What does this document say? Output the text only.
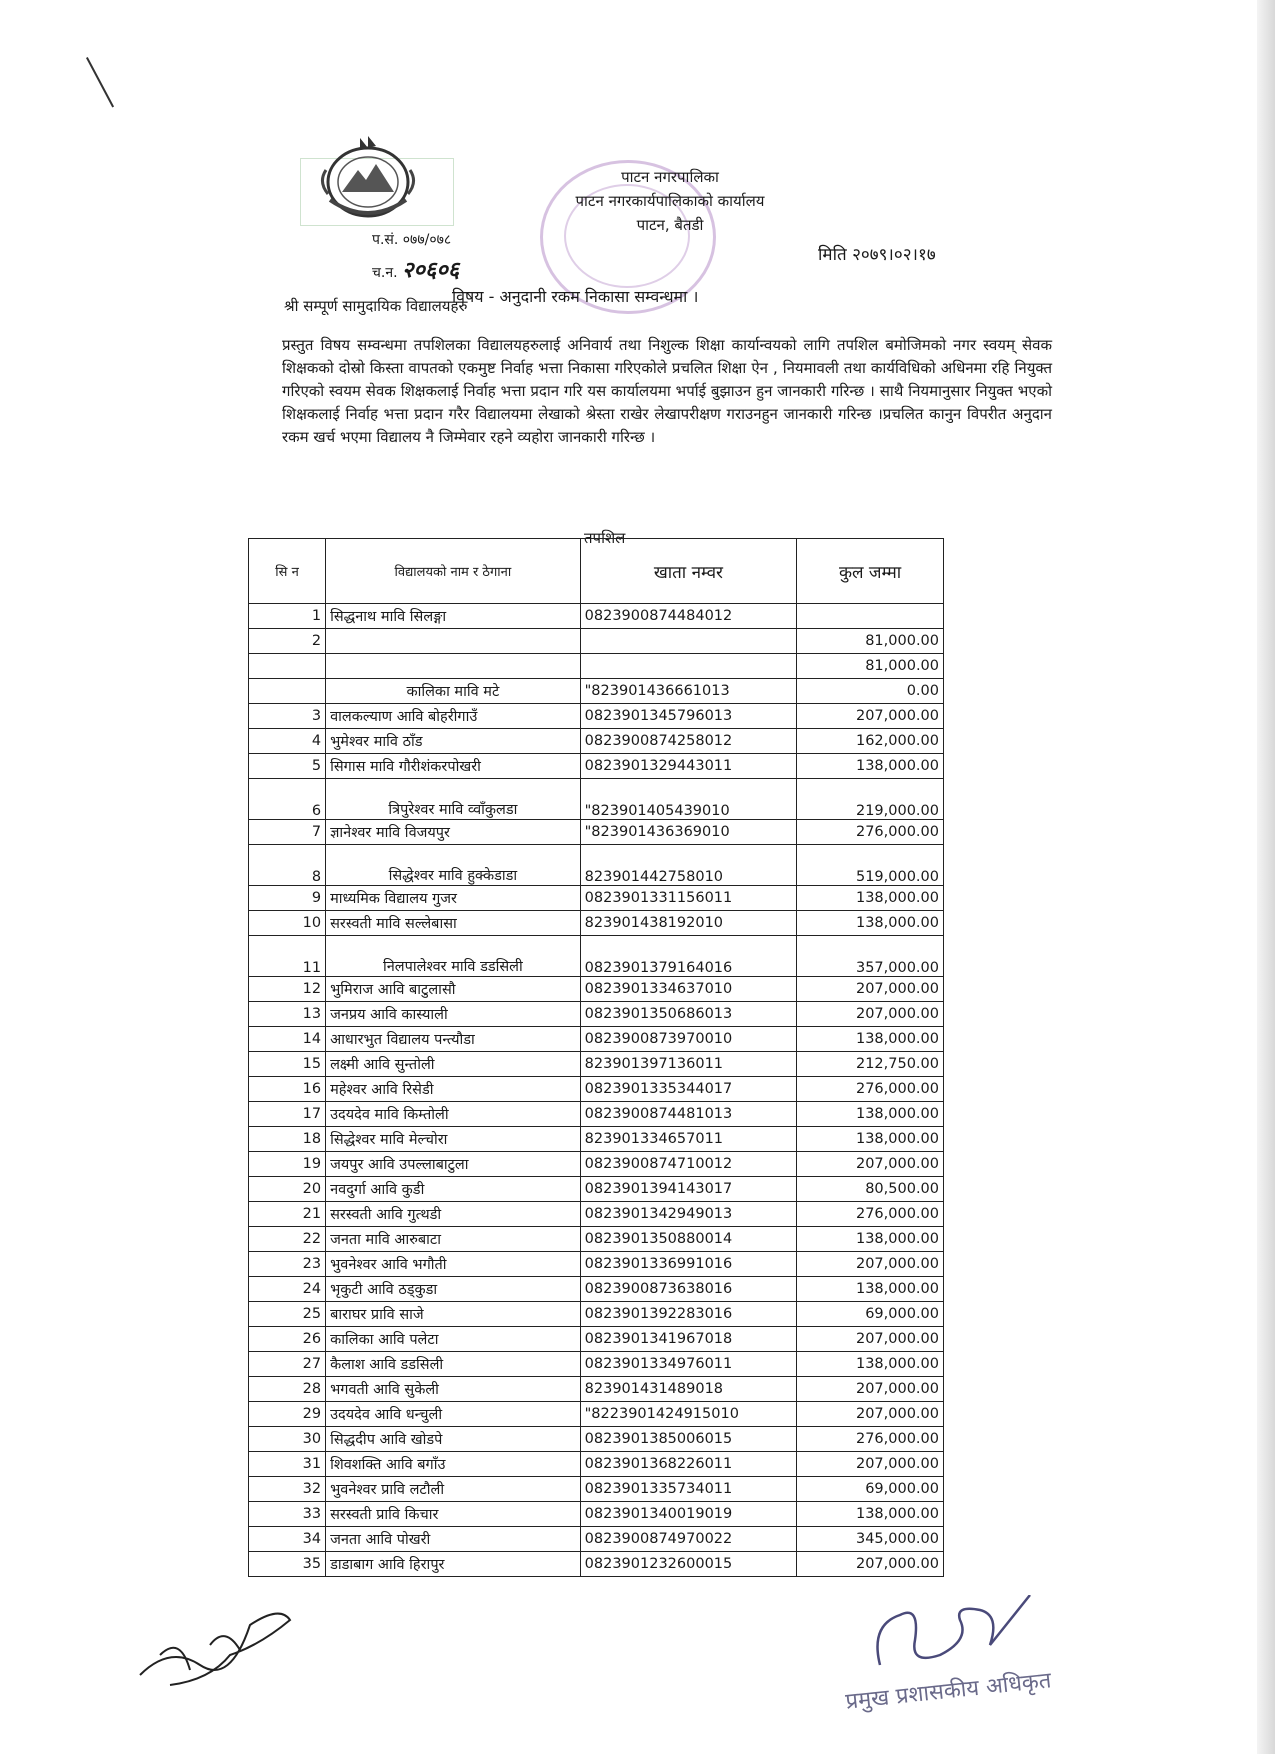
प.सं. ०७७/०७८
च.न. २०६०६
पाटन नगरपालिका
पाटन नगरकार्यपालिकाको कार्यालय
पाटन, बैतडी
मिति २०७९।०२।१७
विषय - अनुदानी रकम निकासा सम्वन्धमा ।
श्री सम्पूर्ण सामुदायिक विद्यालयहरु
प्रस्तुत विषय सम्वन्धमा तपशिलका विद्यालयहरुलाई अनिवार्य तथा निशुल्क शिक्षा कार्यान्वयको लागि तपशिल बमोजिमको नगर स्वयम् सेवक शिक्षकको दोस्रो किस्ता वापतको एकमुष्ट निर्वाह भत्ता निकासा गरिएकोले प्रचलित शिक्षा ऐन , नियमावली तथा कार्यविधिको अधिनमा रहि नियुक्त गरिएको स्वयम सेवक शिक्षकलाई निर्वाह भत्ता प्रदान गरि यस कार्यालयमा भर्पाई बुझाउन हुन जानकारी गरिन्छ । साथै नियमानुसार नियुक्त भएको शिक्षकलाई निर्वाह भत्ता प्रदान गरैर विद्यालयमा लेखाको श्रेस्ता राखेर लेखापरीक्षण गराउनहुन जानकारी गरिन्छ ।प्रचलित कानुन विपरीत अनुदान रकम खर्च भएमा विद्यालय नै जिम्मेवार रहने व्यहोरा जानकारी गरिन्छ ।
तपशिल
सि न	विद्यालयको नाम र ठेगाना	खाता नम्वर	कुल जम्मा
1	सिद्धनाथ मावि सिलङ्गा	0823900874484012	
2			81,000.00
			81,000.00
	कालिका मावि मटे	"823901436661013	0.00
3	वालकल्याण आवि बोहरीगाउँ	0823901345796013	207,000.00
4	भुमेश्वर मावि ठाँड	0823900874258012	162,000.00
5	सिगास मावि गौरीशंकरपोखरी	0823901329443011	138,000.00
6	त्रिपुरेश्वर मावि व्वाँकुलडा	"823901405439010	219,000.00
7	ज्ञानेश्वर मावि विजयपुर	"823901436369010	276,000.00
8	सिद्धेश्वर मावि हुक्केडाडा	823901442758010	519,000.00
9	माध्यमिक विद्यालय गुजर	0823901331156011	138,000.00
10	सरस्वती मावि सल्लेबासा	823901438192010	138,000.00
11	निलपालेश्वर मावि डडसिली	0823901379164016	357,000.00
12	भुमिराज आवि बाटुलासौ	0823901334637010	207,000.00
13	जनप्रय आवि कास्याली	0823901350686013	207,000.00
14	आधारभुत विद्यालय पन्त्यौडा	0823900873970010	138,000.00
15	लक्ष्मी आवि सुन्तोली	823901397136011	212,750.00
16	महेश्वर आवि रिसेडी	0823901335344017	276,000.00
17	उदयदेव मावि किम्तोली	0823900874481013	138,000.00
18	सिद्धेश्वर मावि मेल्चोरा	823901334657011	138,000.00
19	जयपुर आवि उपल्लाबाटुला	0823900874710012	207,000.00
20	नवदुर्गा आवि कुडी	0823901394143017	80,500.00
21	सरस्वती आवि गुत्थडी	0823901342949013	276,000.00
22	जनता मावि आरुबाटा	0823901350880014	138,000.00
23	भुवनेश्वर आवि भगौती	0823901336991016	207,000.00
24	भृकुटी आवि ठड्कुडा	0823900873638016	138,000.00
25	बाराघर प्रावि साजे	0823901392283016	69,000.00
26	कालिका आवि पलेटा	0823901341967018	207,000.00
27	कैलाश आवि डडसिली	0823901334976011	138,000.00
28	भगवती आवि सुकेली	823901431489018	207,000.00
29	उदयदेव आवि धन्चुली	"8223901424915010	207,000.00
30	सिद्धदीप आवि खोडपे	0823901385006015	276,000.00
31	शिवशक्ति आवि बगाँउ	0823901368226011	207,000.00
32	भुवनेश्वर प्रावि लटौली	0823901335734011	69,000.00
33	सरस्वती प्रावि किचार	0823901340019019	138,000.00
34	जनता आवि पोखरी	0823900874970022	345,000.00
35	डाडाबाग आवि हिरापुर	0823901232600015	207,000.00
प्रमुख प्रशासकीय अधिकृत
